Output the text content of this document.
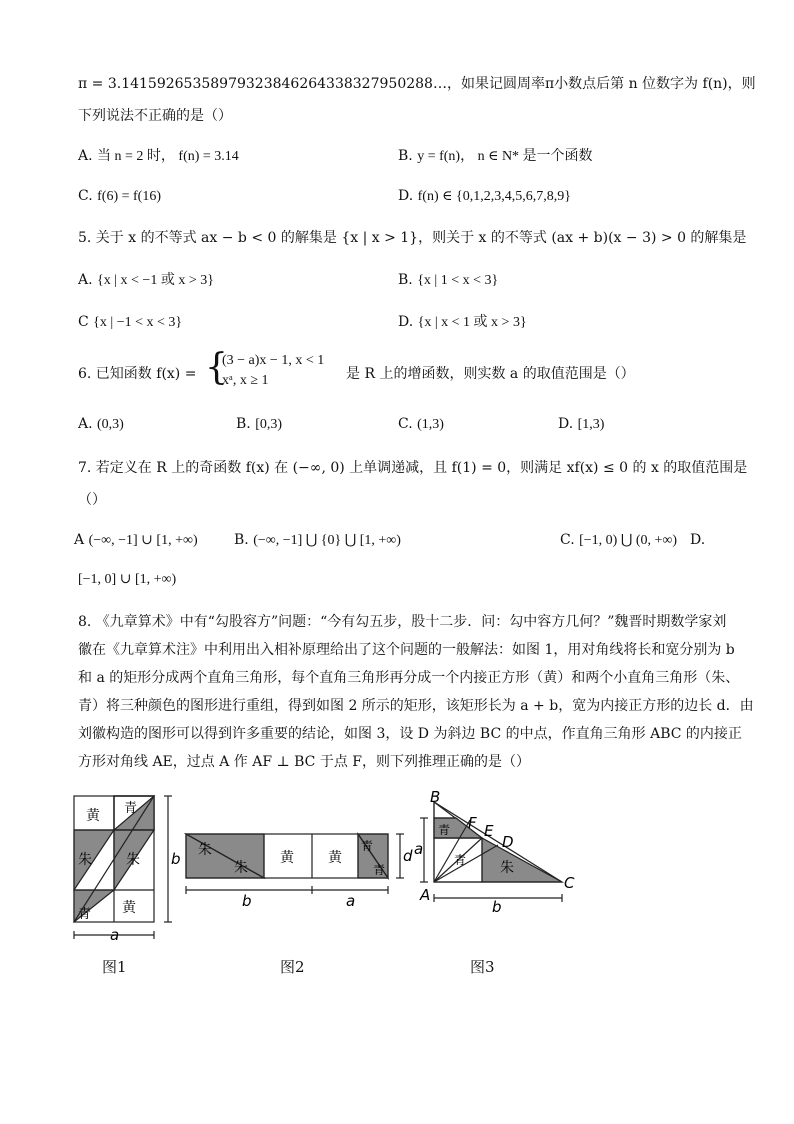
π = 3.14159265358979323846264338327950288…，如果记圆周率π小数点后第 n 位数字为 f(n)，则
下列说法不正确的是（）
A. 当 n = 2 时， f(n) = 3.14	B. y = f(n)， n ∈ N* 是一个函数
C. f(6) = f(16)	D. f(n) ∈ {0,1,2,3,4,5,6,7,8,9}
5. 关于 x 的不等式 ax − b < 0 的解集是 {x | x > 1}，则关于 x 的不等式 (ax + b)(x − 3) > 0 的解集是
A. {x | x < −1 或 x > 3}	B. {x | 1 < x < 3}
C {x | −1 < x < 3}	D. {x | x < 1 或 x > 3}
6. 已知函数 f(x) = {
(3 − a)x − 1, x < 1
xᵃ, x ≥ 1	是 R 上的增函数，则实数 a 的取值范围是（）
A. (0,3)	B. [0,3)	C. (1,3)	D. [1,3)
7. 若定义在 R 上的奇函数 f(x) 在 (−∞, 0) 上单调递减，且 f(1) = 0，则满足 xf(x) ≤ 0 的 x 的取值范围是
（）
A (−∞, −1] ∪ [1, +∞)	B. (−∞, −1] ⋃ {0} ⋃ [1, +∞)	C. [−1, 0) ⋃ (0, +∞) D.
[−1, 0] ∪ [1, +∞)
8. 《九章算术》中有“勾股容方”问题：“今有勾五步，股十二步．问：勾中容方几何？”魏晋时期数学家刘
徽在《九章算术注》中利用出入相补原理给出了这个问题的一般解法：如图 1，用对角线将长和宽分别为 b
和 a 的矩形分成两个直角三角形，每个直角三角形再分成一个内接正方形（黄）和两个小直角三角形（朱、
青）将三种颜色的图形进行重组，得到如图 2 所示的矩形，该矩形长为 a + b，宽为内接正方形的边长 d．由
刘徽构造的图形可以得到许多重要的结论，如图 3，设 D 为斜边 BC 的中点，作直角三角形 ABC 的内接正
方形对角线 AE，过点 A 作 AF ⊥ BC 于点 F，则下列推理正确的是（）
黄 青
朱 朱
黄
青
b
a
图1
朱
朱
黄 黄
青
青
b	a
d
图2
B
F E
D
A
C
青
青 朱
a
b
图3
